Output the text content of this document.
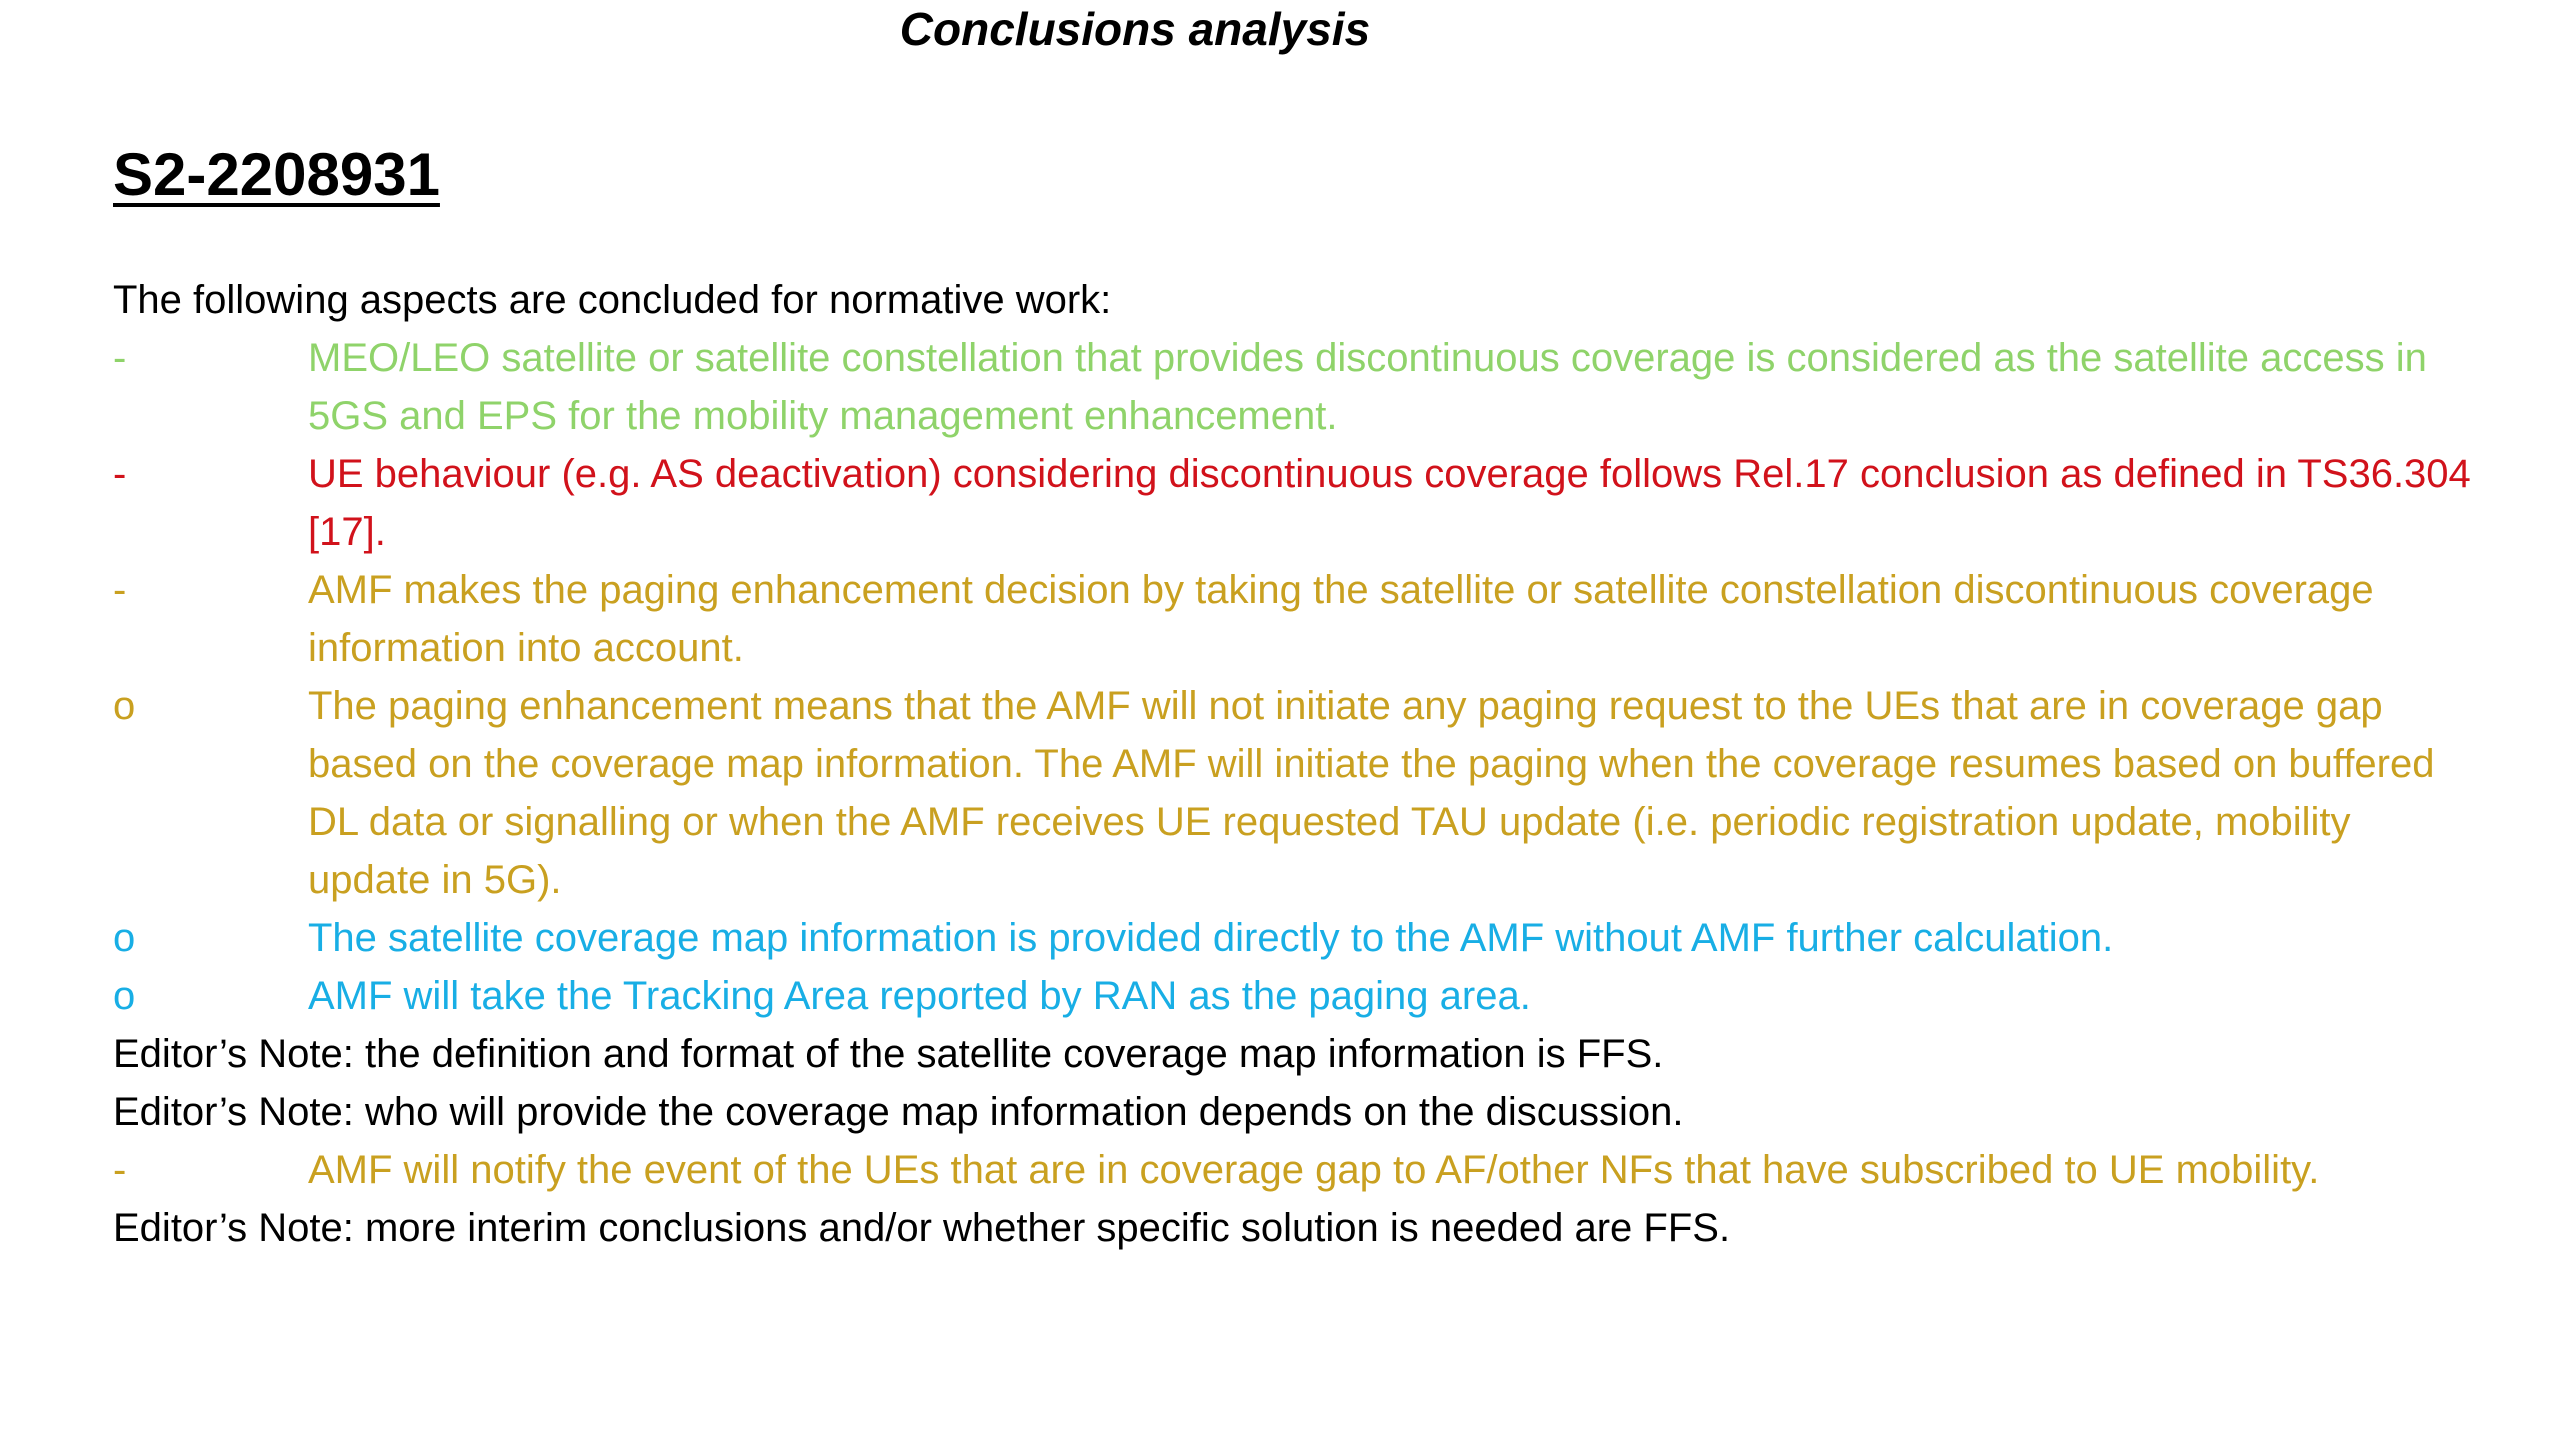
Conclusions analysis
S2-2208931

The following aspects are concluded for normative work:

-	MEO/LEO satellite or satellite constellation that provides discontinuous coverage is considered as the satellite access in 5GS and EPS for the mobility management enhancement.
-	UE behaviour (e.g. AS deactivation) considering discontinuous coverage follows Rel.17 conclusion as defined in TS36.304 [17].
-	AMF makes the paging enhancement decision by taking the satellite or satellite constellation discontinuous coverage information into account.
o	The paging enhancement means that the AMF will not initiate any paging request to the UEs that are in coverage gap based on the coverage map information. The AMF will initiate the paging when the coverage resumes based on buffered DL data or signalling or when the AMF receives UE requested TAU update (i.e. periodic registration update, mobility update in 5G).
o	The satellite coverage map information is provided directly to the AMF without AMF further calculation.
o	AMF will take the Tracking Area reported by RAN as the paging area.

Editor’s Note: the definition and format of the satellite coverage map information is FFS.

Editor’s Note: who will provide the coverage map information depends on the discussion.

-	AMF will notify the event of the UEs that are in coverage gap to AF/other NFs that have subscribed to UE mobility.

Editor’s Note: more interim conclusions and/or whether specific solution is needed are FFS.
